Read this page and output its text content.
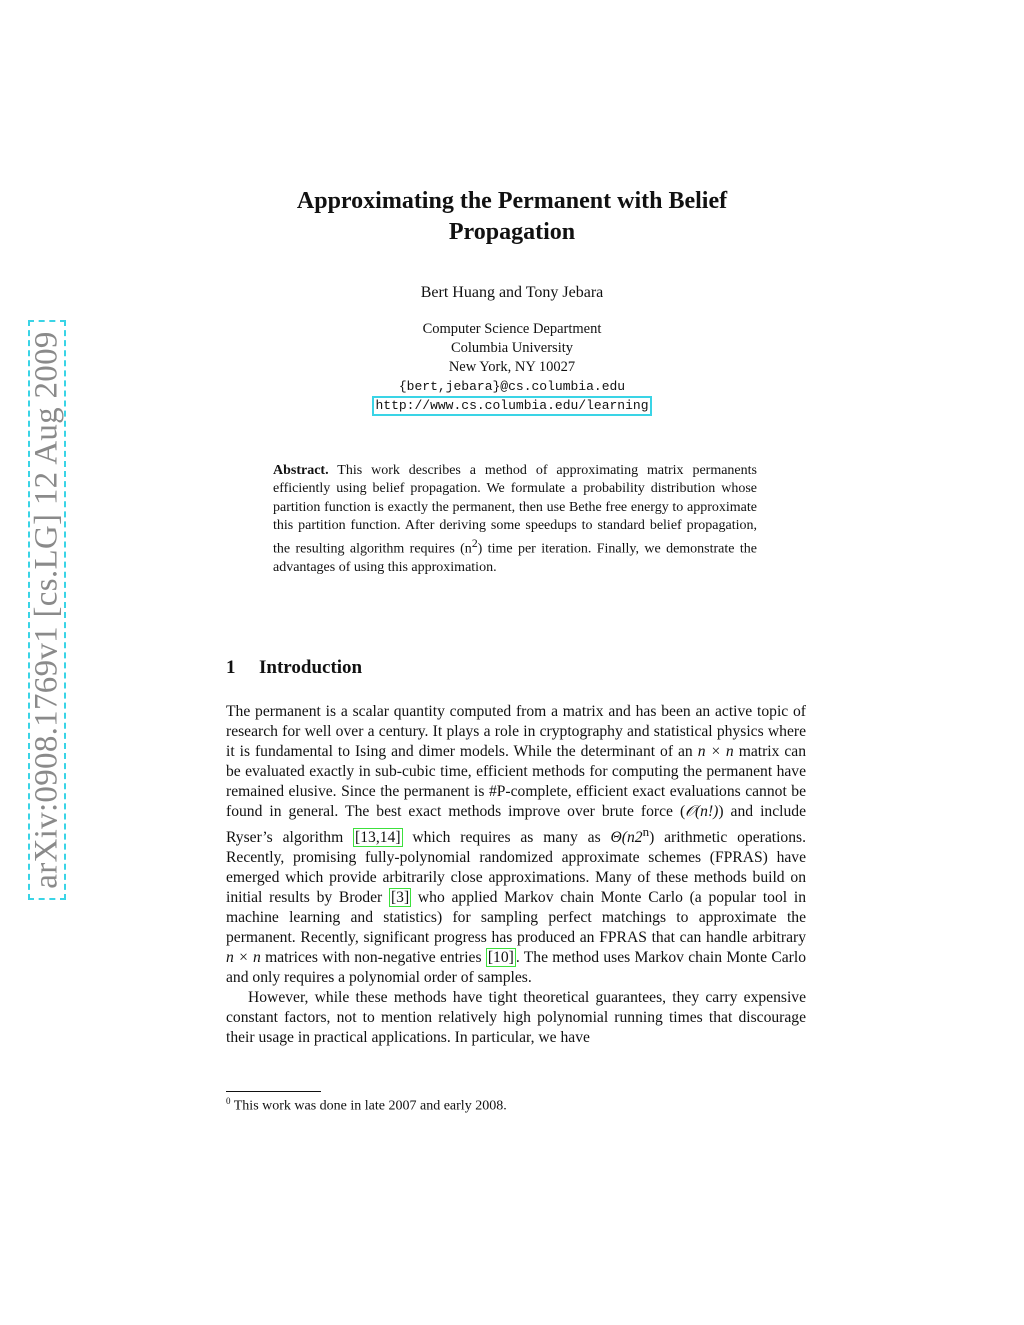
arXiv:0908.1769v1 [cs.LG] 12 Aug 2009
Approximating the Permanent with Belief
Propagation
Bert Huang and Tony Jebara
Computer Science Department
Columbia University
New York, NY 10027
{bert,jebara}@cs.columbia.edu
http://www.cs.columbia.edu/learning
Abstract. This work describes a method of approximating matrix permanents efficiently using belief propagation. We formulate a probability distribution whose partition function is exactly the permanent, then use Bethe free energy to approximate this partition function. After deriving some speedups to standard belief propagation, the resulting algorithm requires $(n^2)$ time per iteration. Finally, we demonstrate the advantages of using this approximation.
1 Introduction

The permanent is a scalar quantity computed from a matrix and has been an active topic of research for well over a century. It plays a role in cryptography and statistical physics where it is fundamental to Ising and dimer models. While the determinant of an n × n matrix can be evaluated exactly in sub-cubic time, efficient methods for computing the permanent have remained elusive. Since the permanent is #P-complete, efficient exact evaluations cannot be found in general. The best exact methods improve over brute force (𝒪(n!)) and include Ryser’s algorithm [13,14] which requires as many as Θ(n2$^n$) arithmetic operations. Recently, promising fully-polynomial randomized approximate schemes (FPRAS) have emerged which provide arbitrarily close approximations. Many of these methods build on initial results by Broder [3] who applied Markov chain Monte Carlo (a popular tool in machine learning and statistics) for sampling perfect matchings to approximate the permanent. Recently, significant progress has produced an FPRAS that can handle arbitrary n × n matrices with non-negative entries [10] . The method uses Markov chain Monte Carlo and only requires a polynomial order of samples.

However, while these methods have tight theoretical guarantees, they carry expensive constant factors, not to mention relatively high polynomial running times that discourage their usage in practical applications. In particular, we have

$^0$ This work was done in late 2007 and early 2008.
